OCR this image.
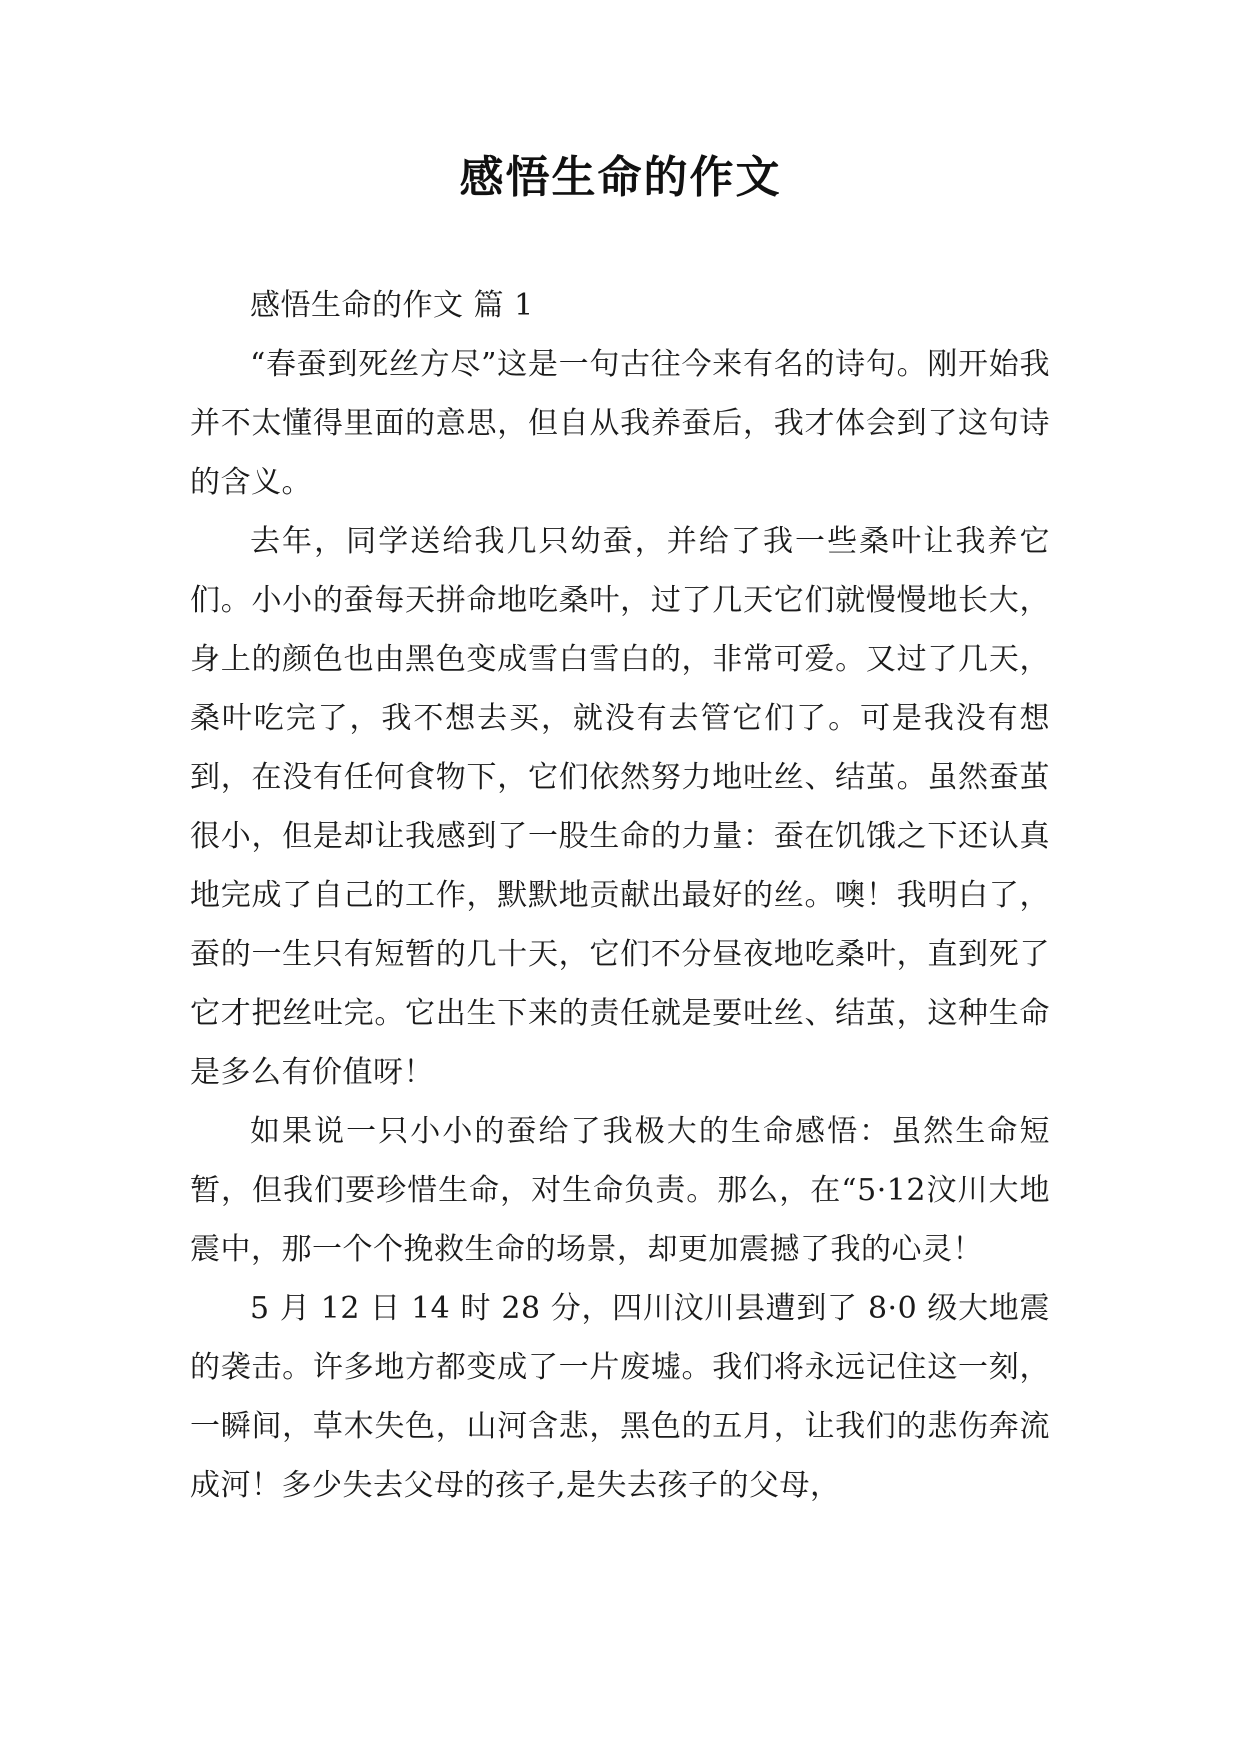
感悟生命的作文

感悟生命的作文 篇 1

“春蚕到死丝方尽”这是一句古往今来有名的诗句。刚开始我并不太懂得里面的意思，但自从我养蚕后，我才体会到了这句诗的含义。

去年，同学送给我几只幼蚕，并给了我一些桑叶让我养它们。小小的蚕每天拼命地吃桑叶，过了几天它们就慢慢地长大，身上的颜色也由黑色变成雪白雪白的，非常可爱。又过了几天，桑叶吃完了，我不想去买，就没有去管它们了。可是我没有想到，在没有任何食物下，它们依然努力地吐丝、结茧。虽然蚕茧很小，但是却让我感到了一股生命的力量：蚕在饥饿之下还认真地完成了自己的工作，默默地贡献出最好的丝。噢！我明白了，蚕的一生只有短暂的几十天，它们不分昼夜地吃桑叶，直到死了它才把丝吐完。它出生下来的责任就是要吐丝、结茧，这种生命是多么有价值呀！

如果说一只小小的蚕给了我极大的生命感悟：虽然生命短暂，但我们要珍惜生命，对生命负责。那么，在“5·12汶川大地震中，那一个个挽救生命的场景，却更加震撼了我的心灵！

5 月 12 日 14 时 28 分，四川汶川县遭到了 8·0 级大地震的袭击。许多地方都变成了一片废墟。我们将永远记住这一刻，一瞬间，草木失色，山河含悲，黑色的五月，让我们的悲伤奔流成河！多少失去父母的孩子,是失去孩子的父母，
